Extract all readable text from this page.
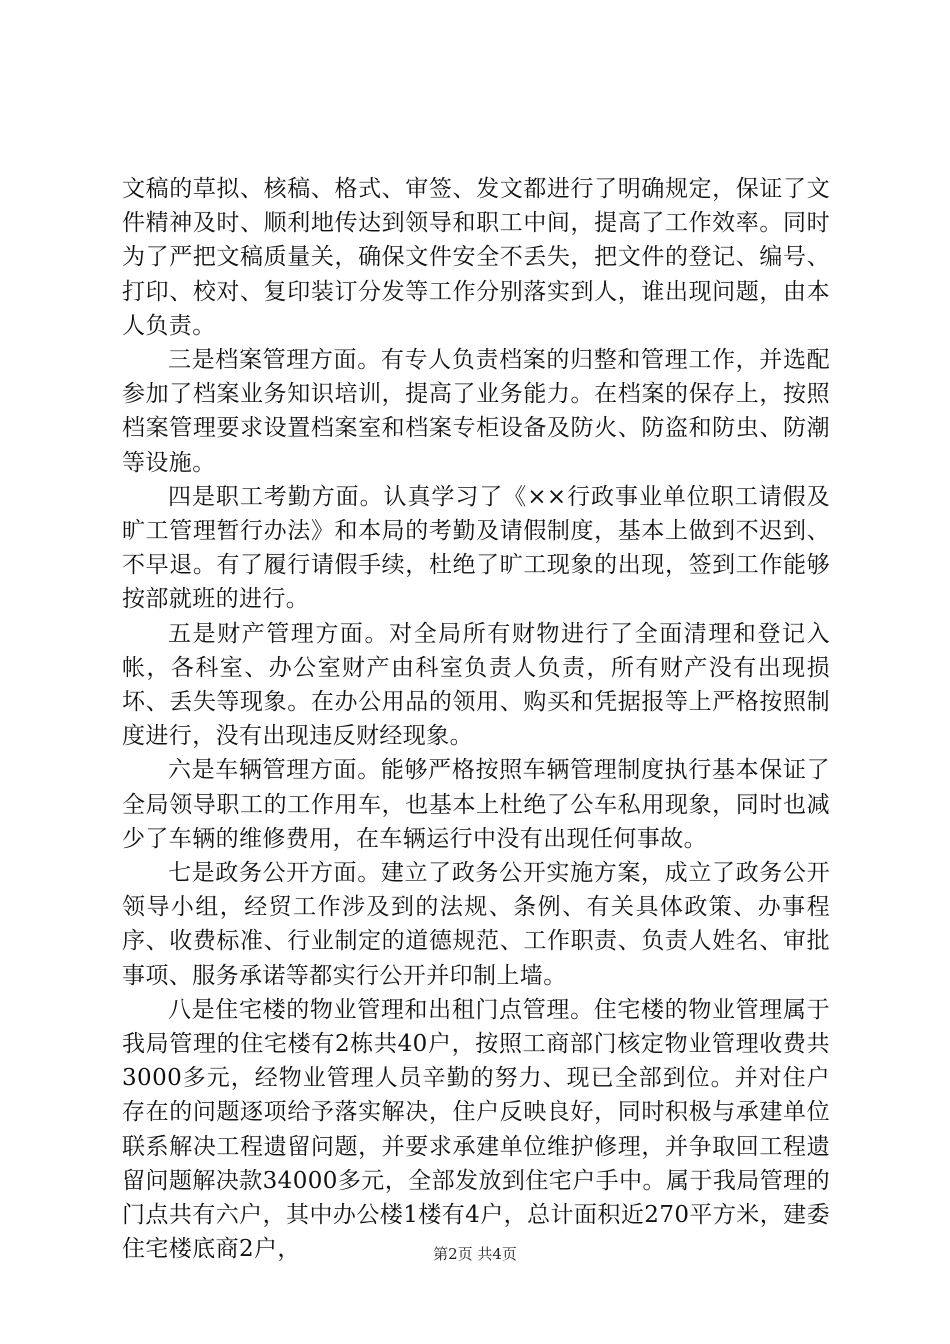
文稿的草拟、核稿、格式、审签、发文都进行了明确规定，保证了文件精神及时、顺利地传达到领导和职工中间，提高了工作效率。同时为了严把文稿质量关，确保文件安全不丢失，把文件的登记、编号、打印、校对、复印装订分发等工作分别落实到人，谁出现问题，由本人负责。

三是档案管理方面。有专人负责档案的归整和管理工作，并选配参加了档案业务知识培训，提高了业务能力。在档案的保存上，按照档案管理要求设置档案室和档案专柜设备及防火、防盗和防虫、防潮等设施。

四是职工考勤方面。认真学习了《××行政事业单位职工请假及旷工管理暂行办法》和本局的考勤及请假制度，基本上做到不迟到、不早退。有了履行请假手续，杜绝了旷工现象的出现，签到工作能够按部就班的进行。

五是财产管理方面。对全局所有财物进行了全面清理和登记入帐，各科室、办公室财产由科室负责人负责，所有财产没有出现损坏、丢失等现象。在办公用品的领用、购买和凭据报等上严格按照制度进行，没有出现违反财经现象。

六是车辆管理方面。能够严格按照车辆管理制度执行基本保证了全局领导职工的工作用车，也基本上杜绝了公车私用现象，同时也减少了车辆的维修费用，在车辆运行中没有出现任何事故。

七是政务公开方面。建立了政务公开实施方案，成立了政务公开领导小组，经贸工作涉及到的法规、条例、有关具体政策、办事程序、收费标准、行业制定的道德规范、工作职责、负责人姓名、审批事项、服务承诺等都实行公开并印制上墙。

八是住宅楼的物业管理和出租门点管理。住宅楼的物业管理属于我局管理的住宅楼有2栋共40户，按照工商部门核定物业管理收费共3000多元，经物业管理人员辛勤的努力、现已全部到位。并对住户存在的问题逐项给予落实解决，住户反映良好，同时积极与承建单位联系解决工程遗留问题，并要求承建单位维护修理，并争取回工程遗留问题解决款34000多元，全部发放到住宅户手中。属于我局管理的门点共有六户，其中办公楼1楼有4户，总计面积近270平方米，建委住宅楼底商2户，	第2页 共4页
